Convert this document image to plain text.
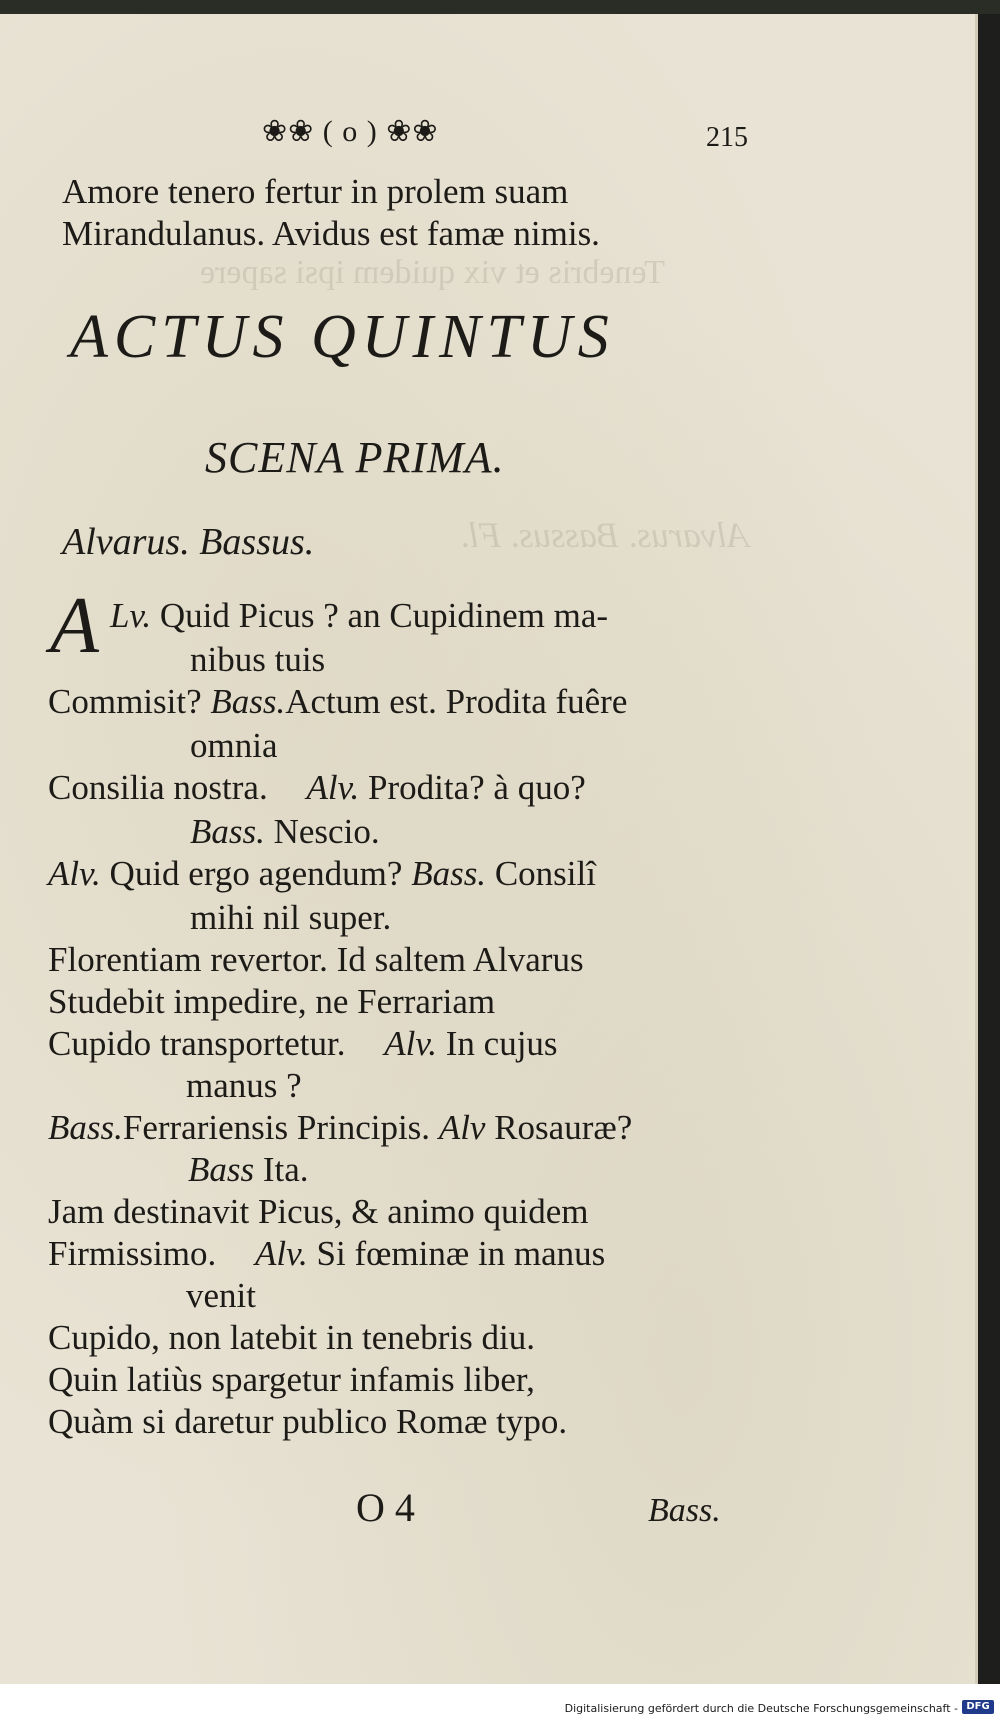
Tenebris et vix quidem ipsi sapere
Alvarus. Bassus. Fl.
❀❀ ( o ) ❀❀	215
Amore tenero fertur in prolem suam
Mirandulanus. Avidus est famæ nimis.
ACTUS QUINTUS
SCENA PRIMA.
Alvarus. Bassus.
A Lv. Quid Picus ? an Cupidinem ma-
nibus tuis
Commisit? Bass.Actum est. Prodita fuêre
omnia
Consilia nostra. Alv. Prodita? à quo?
Bass. Nescio.
Alv. Quid ergo agendum? Bass. Consilî
mihi nil super.
Florentiam revertor. Id saltem Alvarus
Studebit impedire, ne Ferrariam
Cupido transportetur. Alv. In cujus
manus ?
Bass.Ferrariensis Principis. Alv Rosauræ?
Bass Ita.
Jam destinavit Picus, & animo quidem
Firmissimo. Alv. Si fœminæ in manus
venit
Cupido, non latebit in tenebris diu.
Quin latiùs spargetur infamis liber,
Quàm si daretur publico Romæ typo.
O 4	Bass.
Digitalisierung gefördert durch die Deutsche Forschungsgemeinschaft - DFG
